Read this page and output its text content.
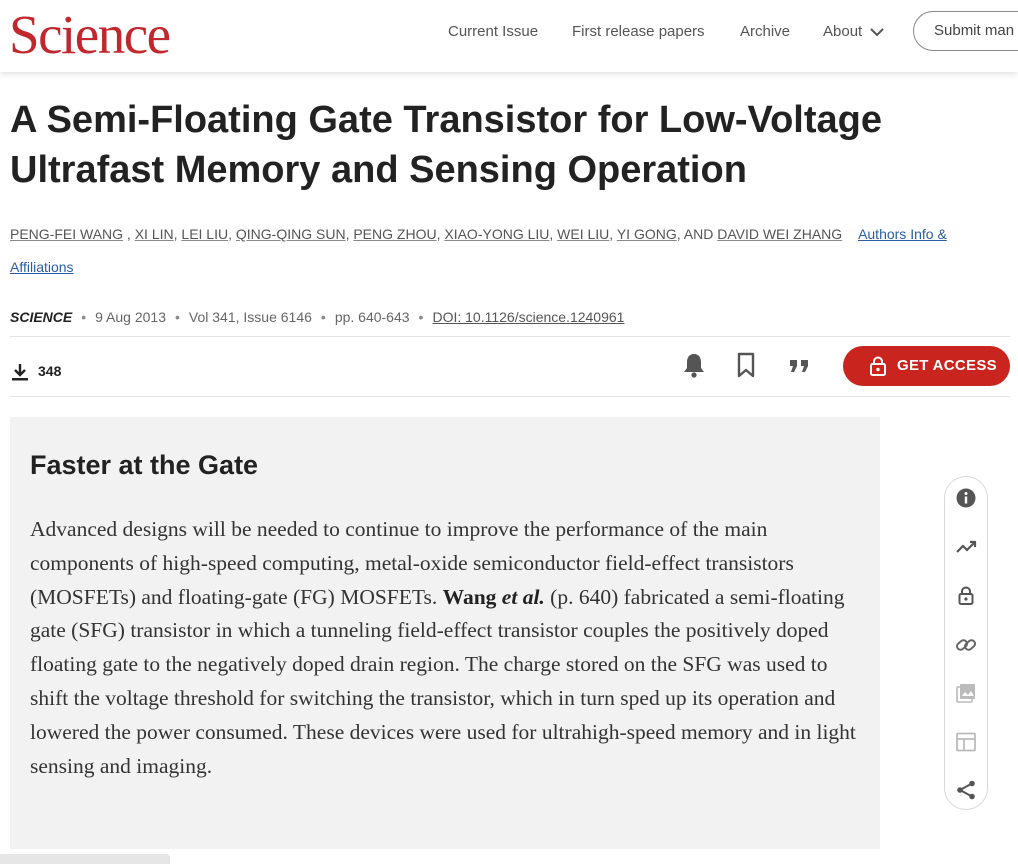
Science	Current Issue First release papers Archive About	Submit man
A Semi-Floating Gate Transistor for Low-Voltage Ultrafast Memory and Sensing Operation
PENG-FEI WANG , XI LIN, LEI LIU, QING-QING SUN, PENG ZHOU, XIAO-YONG LIU, WEI LIU, YI GONG, AND DAVID WEI ZHANG Authors Info & Affiliations
SCIENCE • 9 Aug 2013 • Vol 341, Issue 6146 • pp. 640-643 • DOI: 10.1126/science.1240961
348	GET ACCESS
Faster at the Gate

Advanced designs will be needed to continue to improve the performance of the main components of high-speed computing, metal-oxide semiconductor field-effect transistors (MOSFETs) and floating-gate (FG) MOSFETs. Wang et al. (p. 640) fabricated a semi-floating gate (SFG) transistor in which a tunneling field-effect transistor couples the positively doped floating gate to the negatively doped drain region. The charge stored on the SFG was used to shift the voltage threshold for switching the transistor, which in turn sped up its operation and lowered the power consumed. These devices were used for ultrahigh-speed memory and in light sensing and imaging.
